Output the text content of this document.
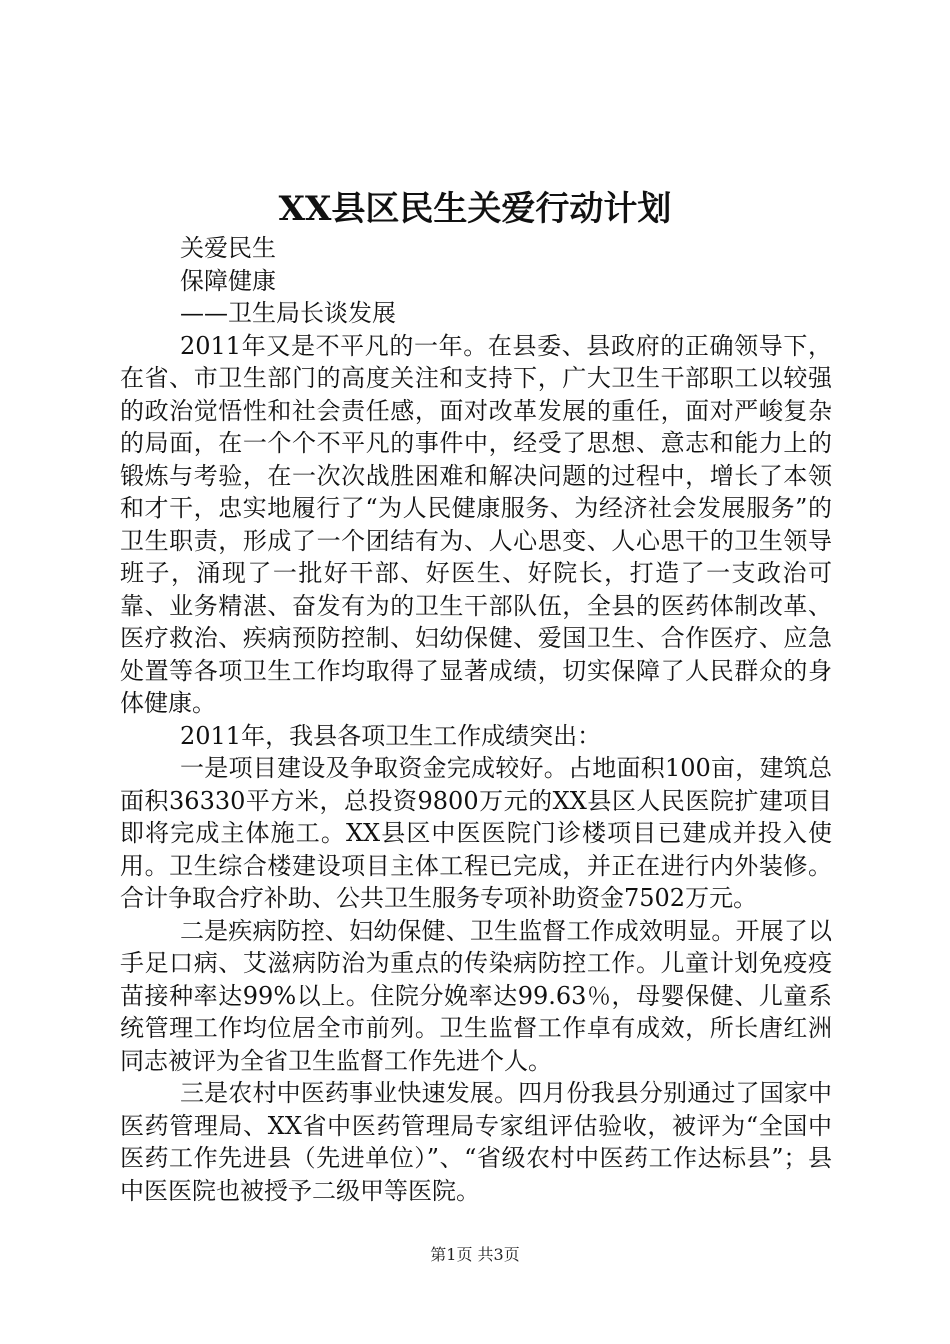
XX县区民生关爱行动计划

关爱民生

保障健康

——卫生局长谈发展

2011年又是不平凡的一年。在县委、县政府的正确领导下，在省、市卫生部门的高度关注和支持下，广大卫生干部职工以较强的政治觉悟性和社会责任感，面对改革发展的重任，面对严峻复杂的局面，在一个个不平凡的事件中，经受了思想、意志和能力上的锻炼与考验，在一次次战胜困难和解决问题的过程中，增长了本领和才干，忠实地履行了“为人民健康服务、为经济社会发展服务”的卫生职责，形成了一个团结有为、人心思变、人心思干的卫生领导班子，涌现了一批好干部、好医生、好院长，打造了一支政治可靠、业务精湛、奋发有为的卫生干部队伍，全县的医药体制改革、医疗救治、疾病预防控制、妇幼保健、爱国卫生、合作医疗、应急处置等各项卫生工作均取得了显著成绩，切实保障了人民群众的身体健康。

2011年，我县各项卫生工作成绩突出：

一是项目建设及争取资金完成较好。占地面积100亩，建筑总面积36330平方米，总投资9800万元的XX县区人民医院扩建项目即将完成主体施工。XX县区中医医院门诊楼项目已建成并投入使用。卫生综合楼建设项目主体工程已完成，并正在进行内外装修。合计争取合疗补助、公共卫生服务专项补助资金7502万元。

二是疾病防控、妇幼保健、卫生监督工作成效明显。开展了以手足口病、艾滋病防治为重点的传染病防控工作。儿童计划免疫疫苗接种率达99%以上。住院分娩率达99.63％，母婴保健、儿童系统管理工作均位居全市前列。卫生监督工作卓有成效，所长唐红洲同志被评为全省卫生监督工作先进个人。

三是农村中医药事业快速发展。四月份我县分别通过了国家中医药管理局、XX省中医药管理局专家组评估验收，被评为“全国中医药工作先进县（先进单位）”、“省级农村中医药工作达标县”；县中医医院也被授予二级甲等医院。

第1页 共3页
